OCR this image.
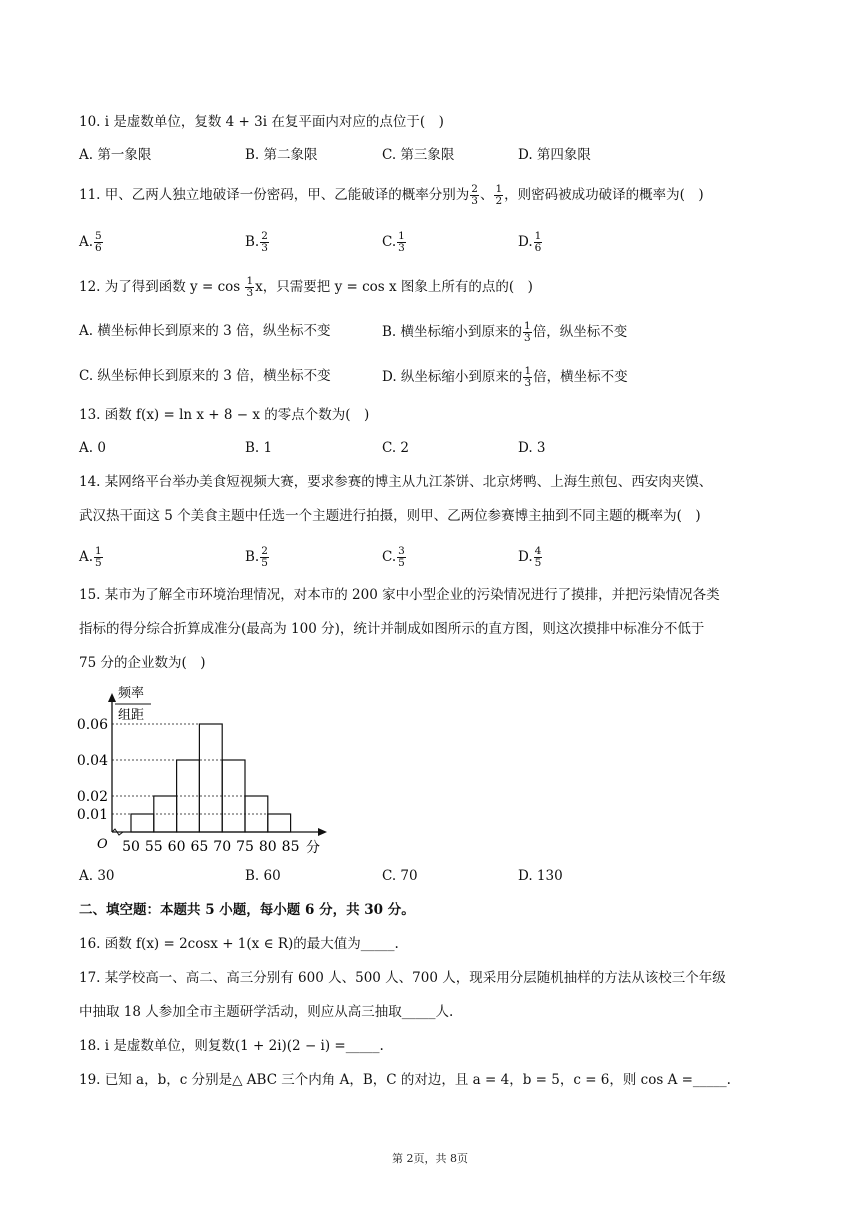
10. i 是虚数单位，复数 4 + 3i 在复平面内对应的点位于(　)
A. 第一象限	B. 第二象限	C. 第三象限	D. 第四象限
11. 甲、乙两人独立地破译一份密码，甲、乙能破译的概率分别为 $\frac{2}{3}$ 、 $\frac{1}{2}$ ，则密码被成功破译的概率为(　)
A. $\frac{5}{6}$	B. $\frac{2}{3}$	C. $\frac{1}{3}$	D. $\frac{1}{6}$
12. 为了得到函数 $y = \cos \frac{1}{3}$ x，只需要把 y = cos x 图象上所有的点的(　)
A. 横坐标伸长到原来的 3 倍，纵坐标不变	B. 横坐标缩小到原来的 $\frac{1}{3}$ 倍，纵坐标不变
C. 纵坐标伸长到原来的 3 倍，横坐标不变	D. 纵坐标缩小到原来的 $\frac{1}{3}$ 倍，横坐标不变
13. 函数 f(x) = ln x + 8 − x 的零点个数为(　)
A. 0	B. 1	C. 2	D. 3
14. 某网络平台举办美食短视频大赛，要求参赛的博主从九江茶饼、北京烤鸭、上海生煎包、西安肉夹馍、
武汉热干面这 5 个美食主题中任选一个主题进行拍摄，则甲、乙两位参赛博主抽到不同主题的概率为(　)
A. $\frac{1}{5}$	B. $\frac{2}{5}$	C. $\frac{3}{5}$	D. $\frac{4}{5}$
15. 某市为了解全市环境治理情况，对本市的 200 家中小型企业的污染情况进行了摸排，并把污染情况各类
指标的得分综合折算成准分(最高为 100 分)，统计并制成如图所示的直方图，则这次摸排中标准分不低于
75 分的企业数为(　)
0.01
0.02
0.04
0.06
50 55 60 65 70 75 80 85
频率
组距
分
O
A. 30	B. 60	C. 70	D. 130
二、填空题：本题共 5 小题，每小题 6 分，共 30 分。
16. 函数 f(x) = 2cosx + 1(x ∈ R)的最大值为_____.
17. 某学校高一、高二、高三分别有 600 人、500 人、700 人，现采用分层随机抽样的方法从该校三个年级
中抽取 18 人参加全市主题研学活动，则应从高三抽取_____人.
18. i 是虚数单位，则复数(1 + 2i)(2 − i) =_____.
19. 已知 a，b，c 分别是△ ABC 三个内角 A，B，C 的对边，且 a = 4，b = 5，c = 6，则 cos A =_____.
第 2页，共 8页
